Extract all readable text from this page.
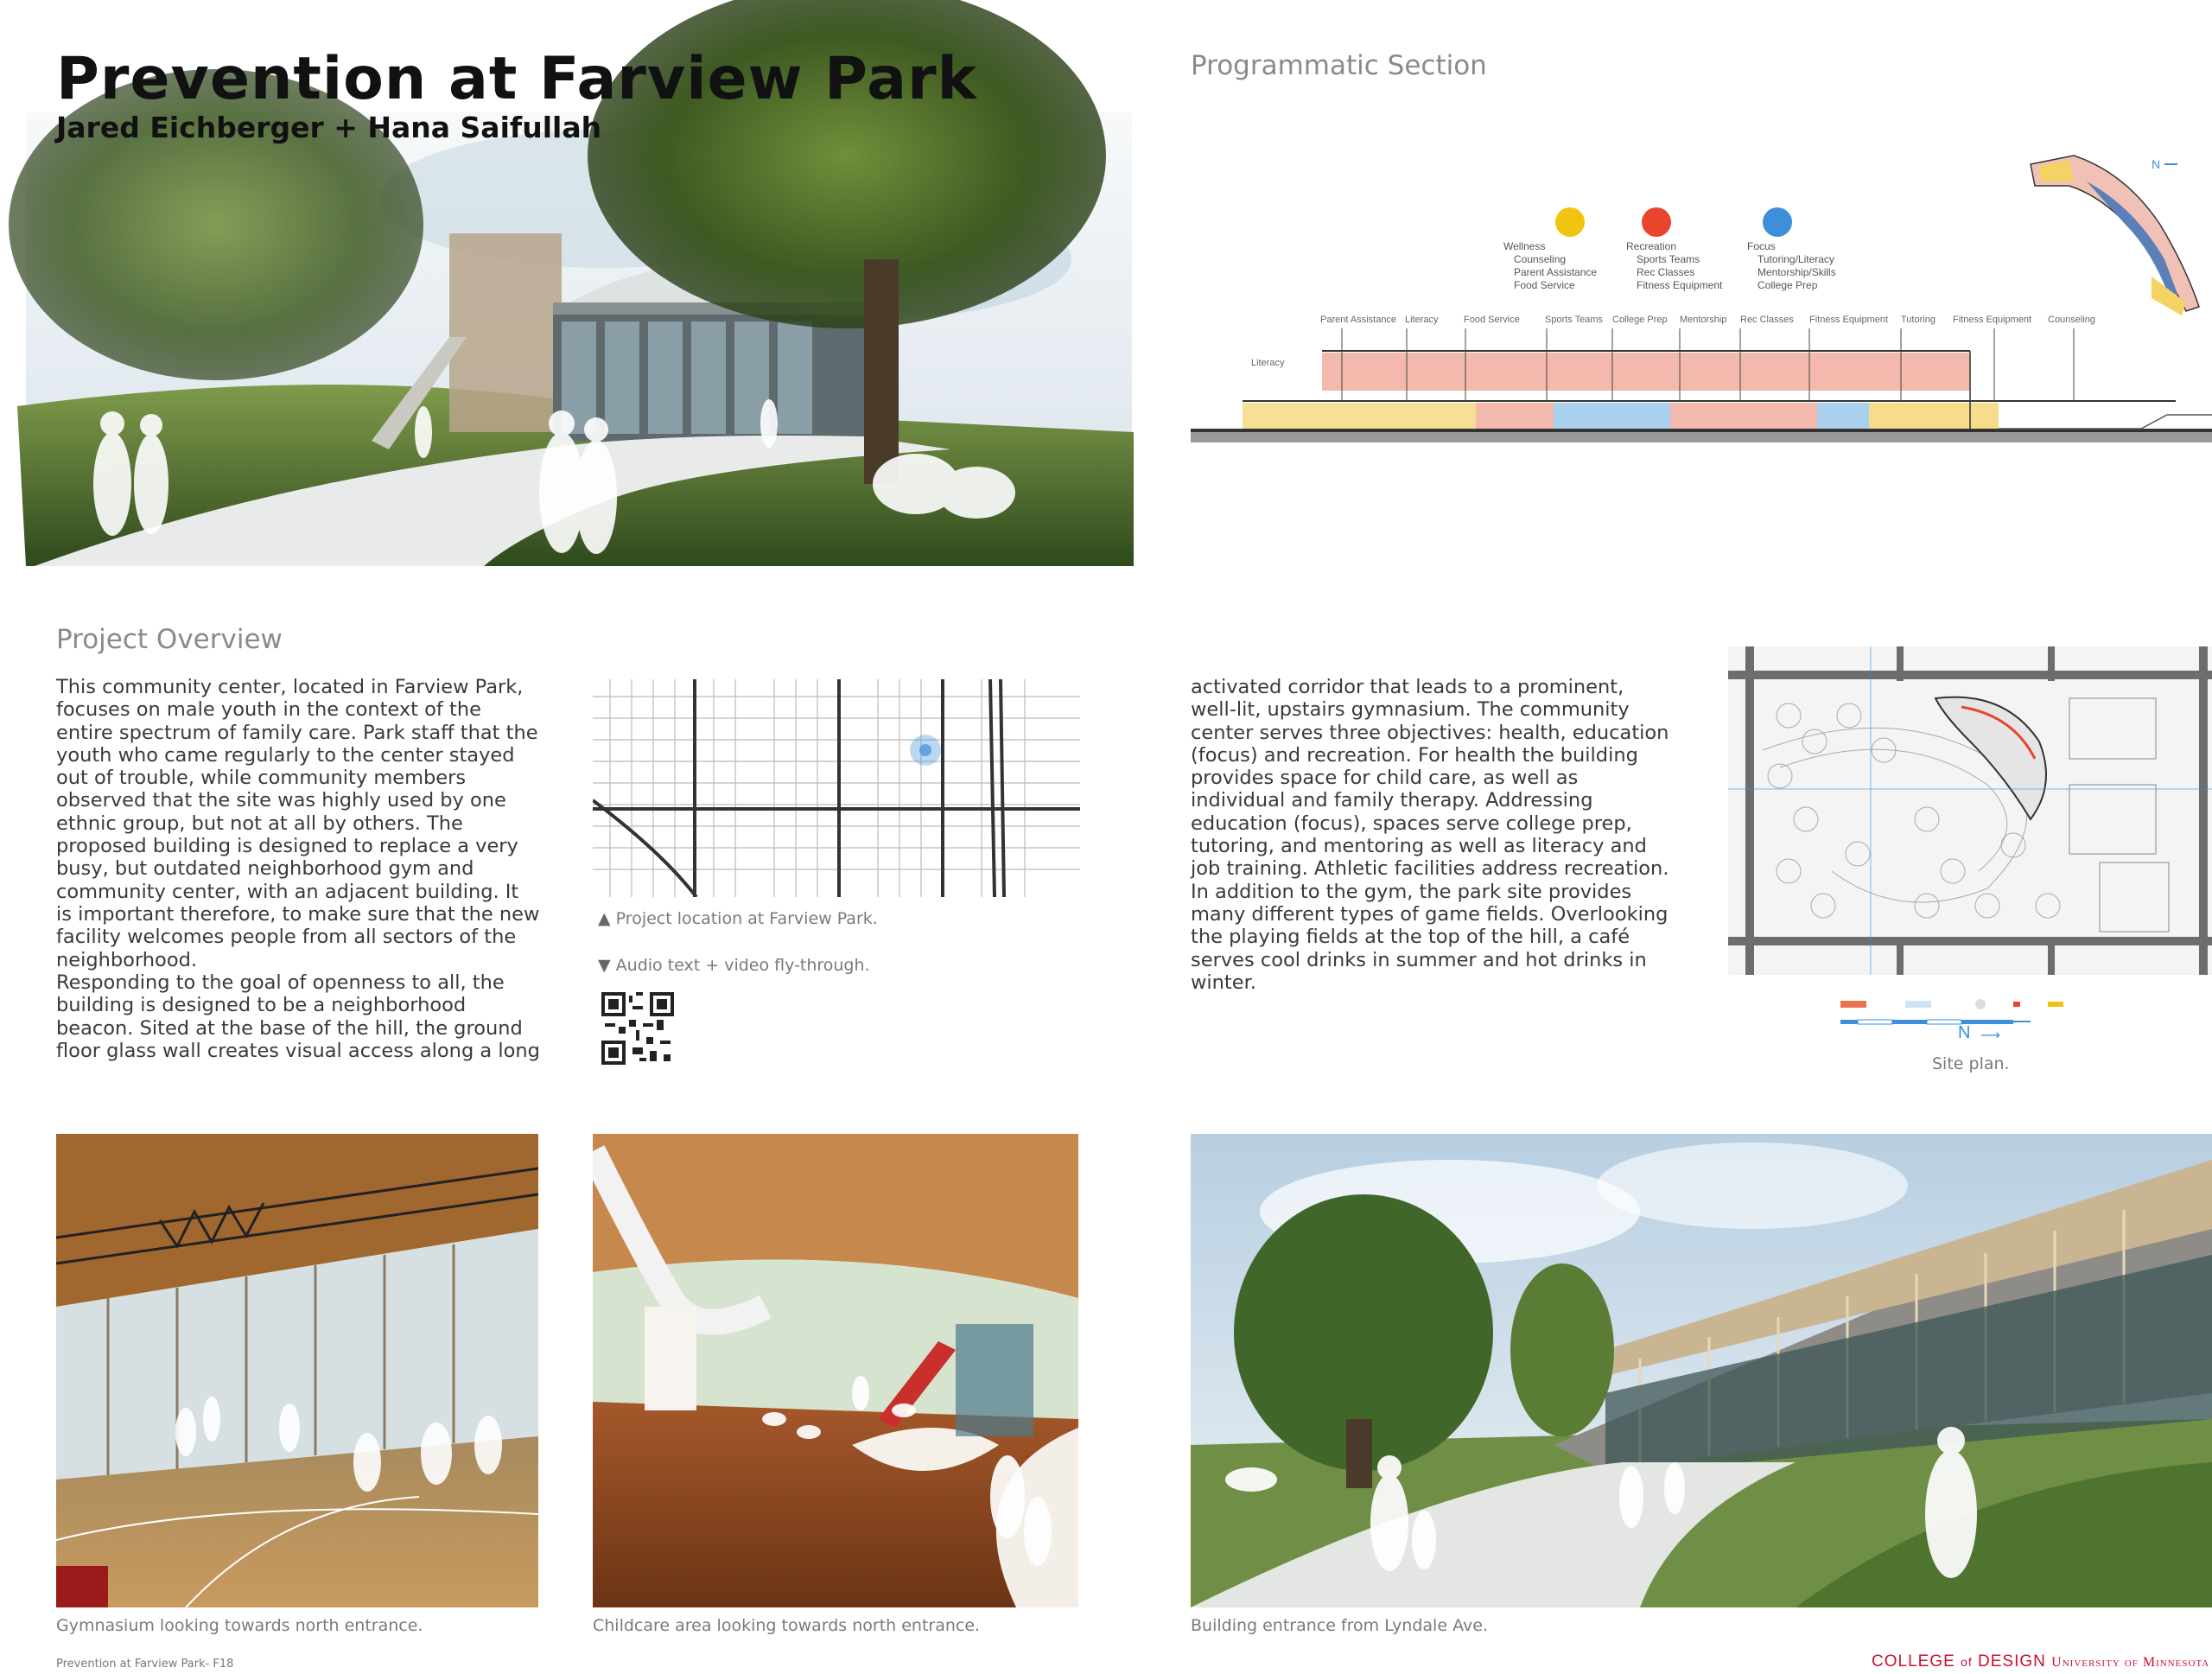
Prevention at Farview Park
Jared Eichberger + Hana Saifullah
Programmatic Section
N
Wellness
Counseling
Parent Assistance
Food Service
Recreation
Sports Teams
Rec Classes
Fitness Equipment
Focus
Tutoring/Literacy
Mentorship/Skills
College Prep
Parent Assistance Literacy	Food Service	Sports Teams College Prep Mentorship Rec Classes Fitness Equipment Tutoring Fitness Equipment Counseling
Literacy
Project Overview

This community center, located in Farview Park, focuses on male youth in the context of the entire spectrum of family care. Park staff that the youth who came regularly to the center stayed out of trouble, while community members observed that the site was highly used by one ethnic group, but not at all by others. The proposed building is designed to replace a very busy, but outdated neighborhood gym and community center, with an adjacent building. It is important therefore, to make sure that the new facility welcomes people from all sectors of the neighborhood.

Responding to the goal of openness to all, the building is designed to be a neighborhood beacon. Sited at the base of the hill, the ground floor glass wall creates visual access along a long

activated corridor that leads to a prominent, well-lit, upstairs gymnasium. The community center serves three objectives: health, education (focus) and recreation. For health the building provides space for child care, as well as individual and family therapy. Addressing education (focus), spaces serve college prep, tutoring, and mentoring as well as literacy and job training. Athletic facilities address recreation. In addition to the gym, the park site provides many different types of game fields. Overlooking the playing fields at the top of the hill, a café serves cool drinks in summer and hot drinks in winter.

▲ Project location at Farview Park.
▼ Audio text + video fly-through.
N ⟶
Site plan.
Gymnasium looking towards north entrance.	Childcare area looking towards north entrance.	Building entrance from Lyndale Ave.
Prevention at Farview Park- F18	COLLEGE of DESIGN University of Minnesota
